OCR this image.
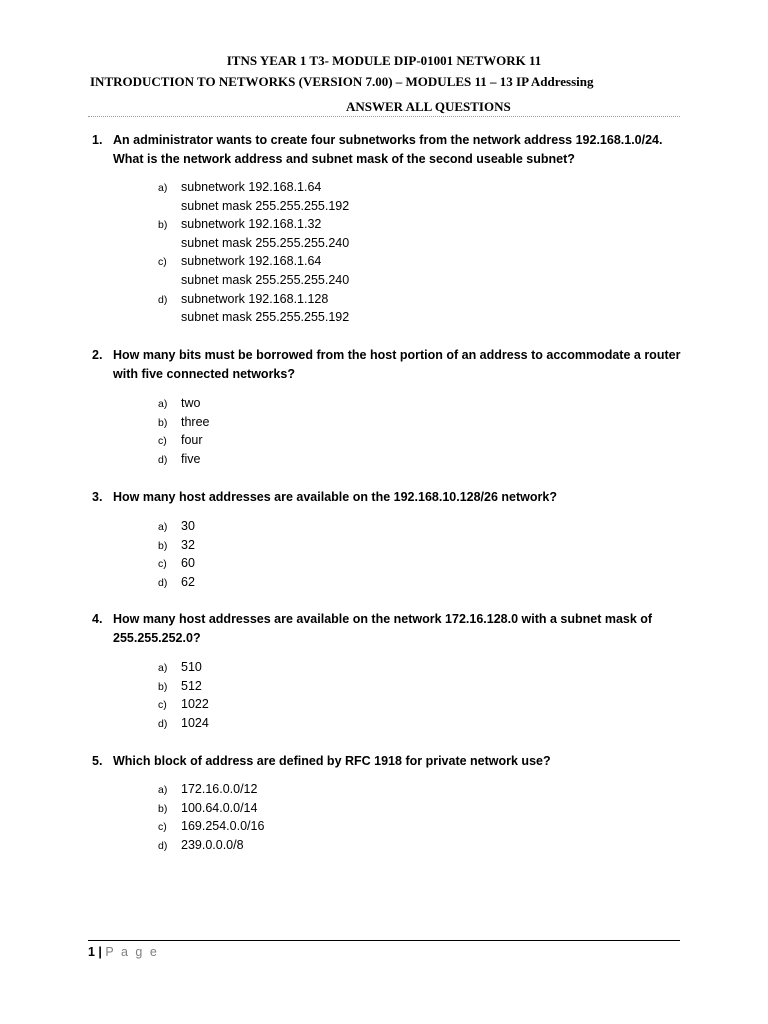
ITNS YEAR 1 T3- MODULE DIP-01001 NETWORK 11
INTRODUCTION TO NETWORKS (VERSION 7.00) – MODULES 11 – 13 IP Addressing
ANSWER ALL QUESTIONS
1. An administrator wants to create four subnetworks from the network address 192.168.1.0/24. What is the network address and subnet mask of the second useable subnet?
a) subnetwork 192.168.1.64
subnet mask 255.255.255.192
b) subnetwork 192.168.1.32
subnet mask 255.255.255.240
c) subnetwork 192.168.1.64
subnet mask 255.255.255.240
d) subnetwork 192.168.1.128
subnet mask 255.255.255.192
2. How many bits must be borrowed from the host portion of an address to accommodate a router with five connected networks?
a) two
b) three
c) four
d) five
3. How many host addresses are available on the 192.168.10.128/26 network?
a) 30
b) 32
c) 60
d) 62
4. How many host addresses are available on the network 172.16.128.0 with a subnet mask of 255.255.252.0?
a) 510
b) 512
c) 1022
d) 1024
5. Which block of address are defined by RFC 1918 for private network use?
a) 172.16.0.0/12
b) 100.64.0.0/14
c) 169.254.0.0/16
d) 239.0.0.0/8
1 | P a g e
